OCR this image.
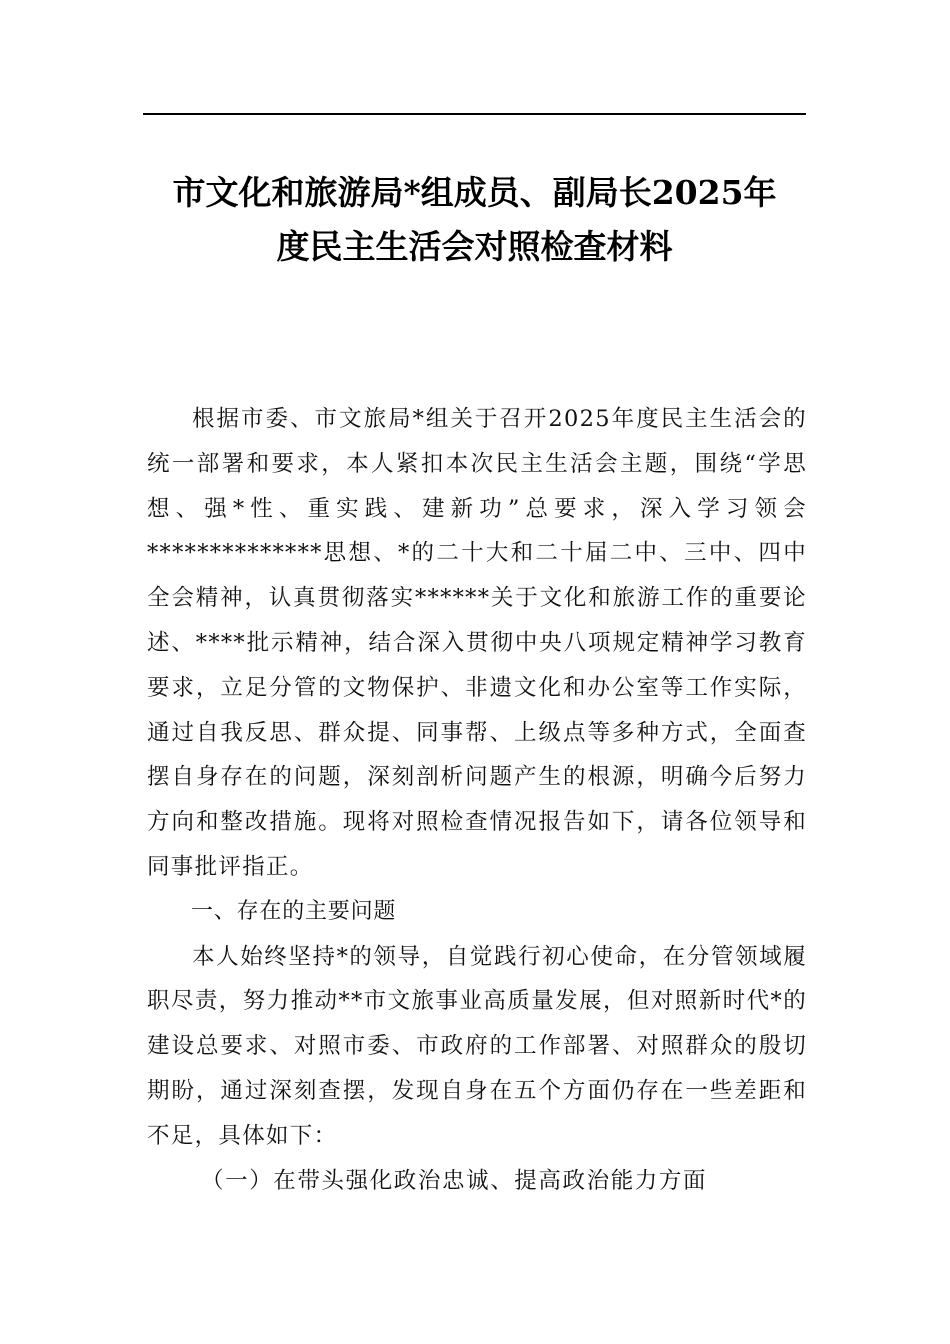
市文化和旅游局*组成员、副局长2025年
度民主生活会对照检查材料

根据市委、市文旅局*组关于召开2025年度民主生活会的统一部署和要求，本人紧扣本次民主生活会主题，围绕“学思想、强*性、重实践、建新功”总要求，深入学习领会**************思想、*的二十大和二十届二中、三中、四中全会精神，认真贯彻落实******关于文化和旅游工作的重要论述、****批示精神，结合深入贯彻中央八项规定精神学习教育要求，立足分管的文物保护、非遗文化和办公室等工作实际，通过自我反思、群众提、同事帮、上级点等多种方式，全面查摆自身存在的问题，深刻剖析问题产生的根源，明确今后努力方向和整改措施。现将对照检查情况报告如下，请各位领导和同事批评指正。

一、存在的主要问题

本人始终坚持*的领导，自觉践行初心使命，在分管领域履职尽责，努力推动**市文旅事业高质量发展，但对照新时代*的建设总要求、对照市委、市政府的工作部署、对照群众的殷切期盼，通过深刻查摆，发现自身在五个方面仍存在一些差距和不足，具体如下：

（一）在带头强化政治忠诚、提高政治能力方面
